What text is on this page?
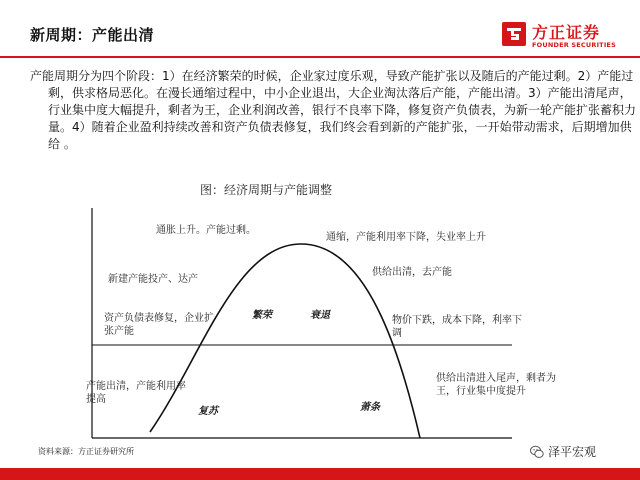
新周期：产能出清	方正证券
FOUNDER SECURITIES
产能周期分为四个阶段：1）在经济繁荣的时候，企业家过度乐观，导致产能扩张以及随后的产能过剩。2）产能过剩，供求格局恶化。在漫长通缩过程中，中小企业退出，大企业淘汰落后产能，产能出清。3）产能出清尾声，行业集中度大幅提升，剩者为王，企业利润改善，银行不良率下降，修复资产负债表，为新一轮产能扩张蓄积力量。4）随着企业盈利持续改善和资产负债表修复，我们终会看到新的产能扩张，一开始带动需求，后期增加供给 。
图：经济周期与产能调整
通胀上升。产能过剩。
新建产能投产、达产
资产负债表修复，企业扩张产能
产能出清，产能利用率提高
通缩，产能利用率下降，失业率上升
供给出清，去产能
物价下跌，成本下降，利率下调
供给出清进入尾声，剩者为王，行业集中度提升
繁荣	衰退
复苏	萧条
资料来源：方正证券研究所	泽平宏观
